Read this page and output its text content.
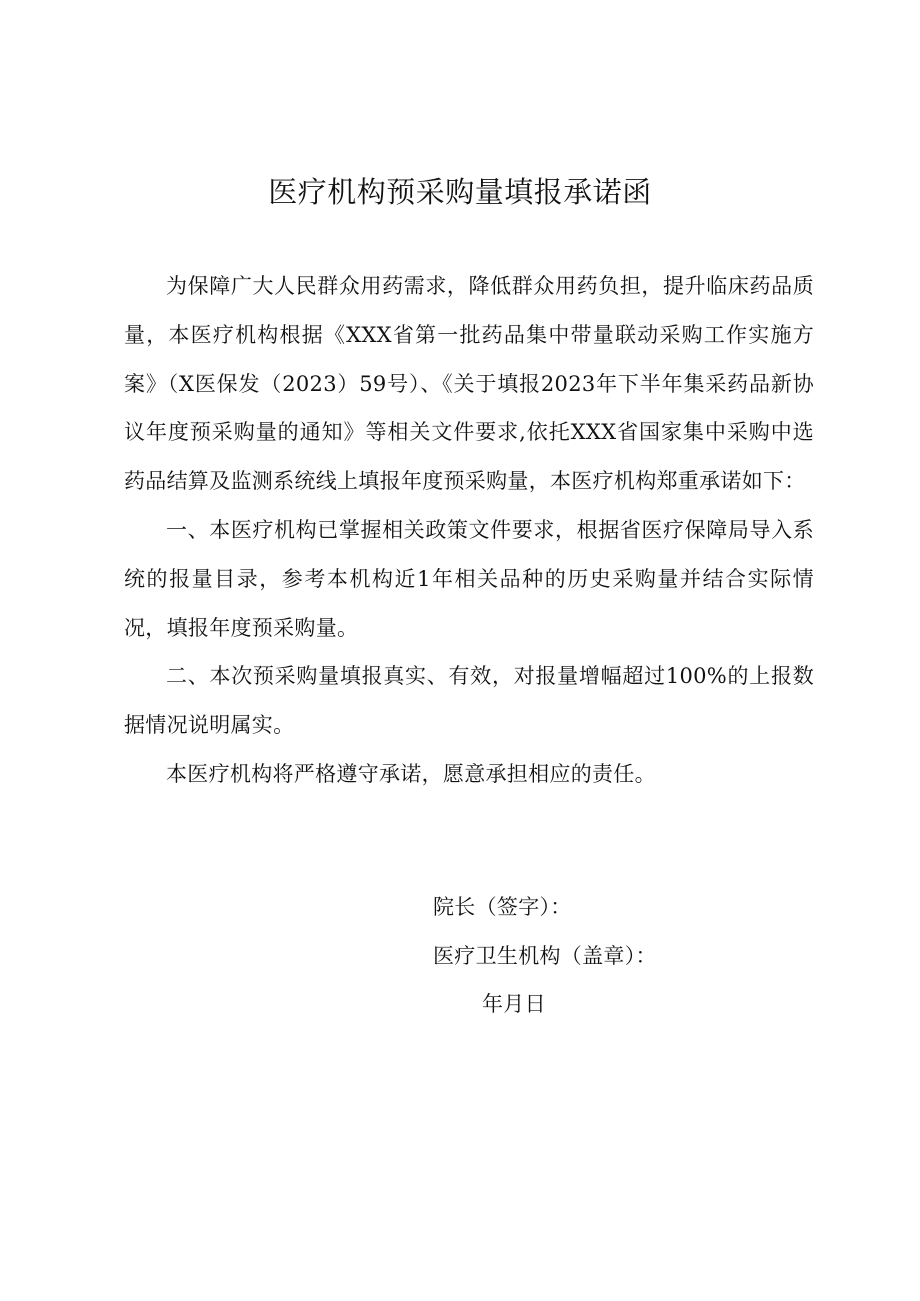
医疗机构预采购量填报承诺函

为保障广大人民群众用药需求，降低群众用药负担，提升临床药品质量，本医疗机构根据《XXX省第一批药品集中带量联动采购工作实施方案》（X医保发（2023）59号）、《关于填报2023年下半年集采药品新协议年度预采购量的通知》等相关文件要求,依托XXX省国家集中采购中选药品结算及监测系统线上填报年度预采购量，本医疗机构郑重承诺如下：

一、本医疗机构已掌握相关政策文件要求，根据省医疗保障局导入系统的报量目录，参考本机构近1年相关品种的历史采购量并结合实际情况，填报年度预采购量。

二、本次预采购量填报真实、有效，对报量增幅超过100%的上报数据情况说明属实。

本医疗机构将严格遵守承诺，愿意承担相应的责任。

院长（签字）：
医疗卫生机构（盖章）：
年月日
